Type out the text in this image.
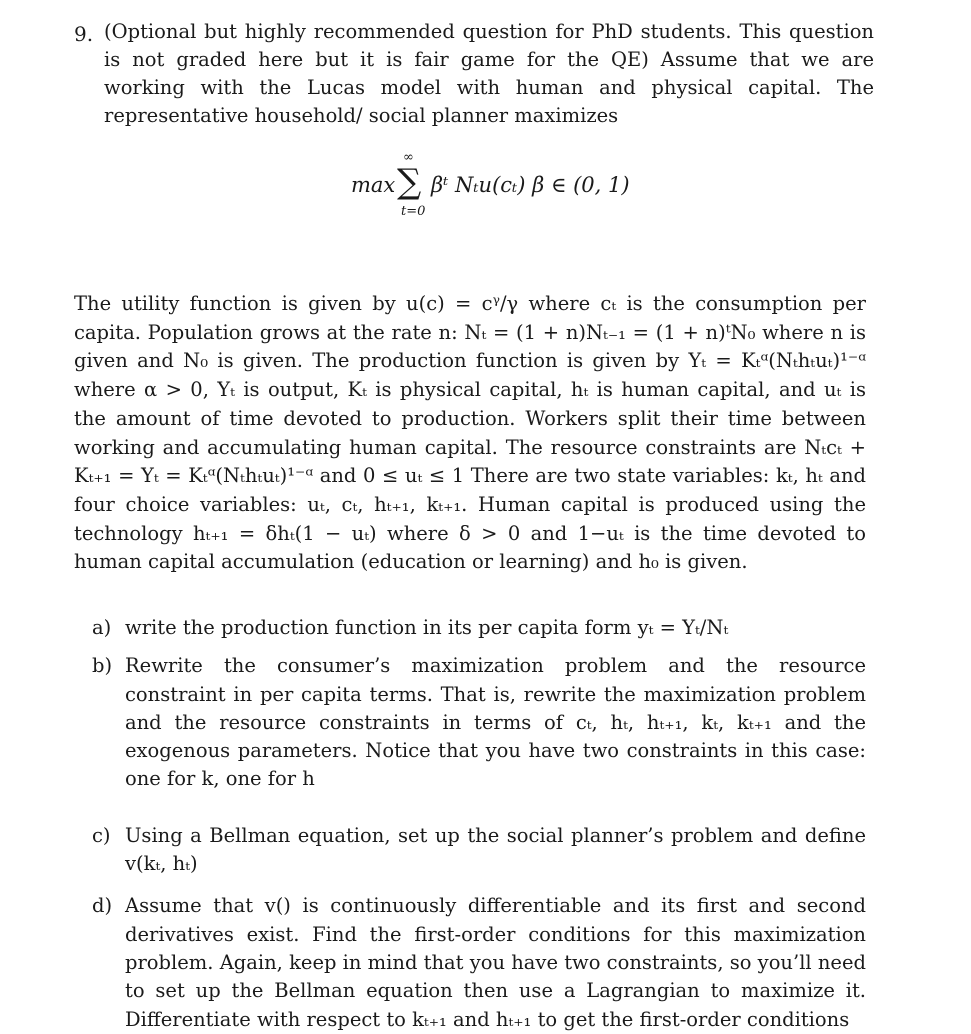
9. (Optional but highly recommended question for PhD students. This question is not graded here but it is fair game for the QE) Assume that we are working with the Lucas model with human and physical capital. The representative household/ social planner maximizes
max
∞
∑
t=0
βᵗ Nₜu(cₜ) β ∈ (0, 1)

The utility function is given by u(c) = cᵞ/γ where cₜ is the consumption per capita. Population grows at the rate n: Nₜ = (1 + n)Nₜ₋₁ = (1 + n)ᵗN₀ where n is given and N₀ is given. The production function is given by Yₜ = Kₜᵅ(Nₜhₜuₜ)¹⁻ᵅ where α > 0, Yₜ is output, Kₜ is physical capital, hₜ is human capital, and uₜ is the amount of time devoted to production. Workers split their time between working and accumulating human capital. The resource constraints are Nₜcₜ + Kₜ₊₁ = Yₜ = Kₜᵅ(Nₜhₜuₜ)¹⁻ᵅ and 0 ≤ uₜ ≤ 1 There are two state variables: kₜ, hₜ and four choice variables: uₜ, cₜ, hₜ₊₁, kₜ₊₁. Human capital is produced using the technology hₜ₊₁ = δhₜ(1 − uₜ) where δ > 0 and 1−uₜ is the time devoted to human capital accumulation (education or learning) and h₀ is given.

a) write the production function in its per capita form yₜ = Yₜ/Nₜ
b) Rewrite the consumer’s maximization problem and the resource constraint in per capita terms. That is, rewrite the maximization problem and the resource constraints in terms of cₜ, hₜ, hₜ₊₁, kₜ, kₜ₊₁ and the exogenous parameters. Notice that you have two constraints in this case: one for k, one for h
c) Using a Bellman equation, set up the social planner’s problem and define v(kₜ, hₜ)
d) Assume that v() is continuously differentiable and its first and second derivatives exist. Find the first-order conditions for this maximization problem. Again, keep in mind that you have two constraints, so you’ll need to set up the Bellman equation then use a Lagrangian to maximize it. Differentiate with respect to kₜ₊₁ and hₜ₊₁ to get the first-order conditions
